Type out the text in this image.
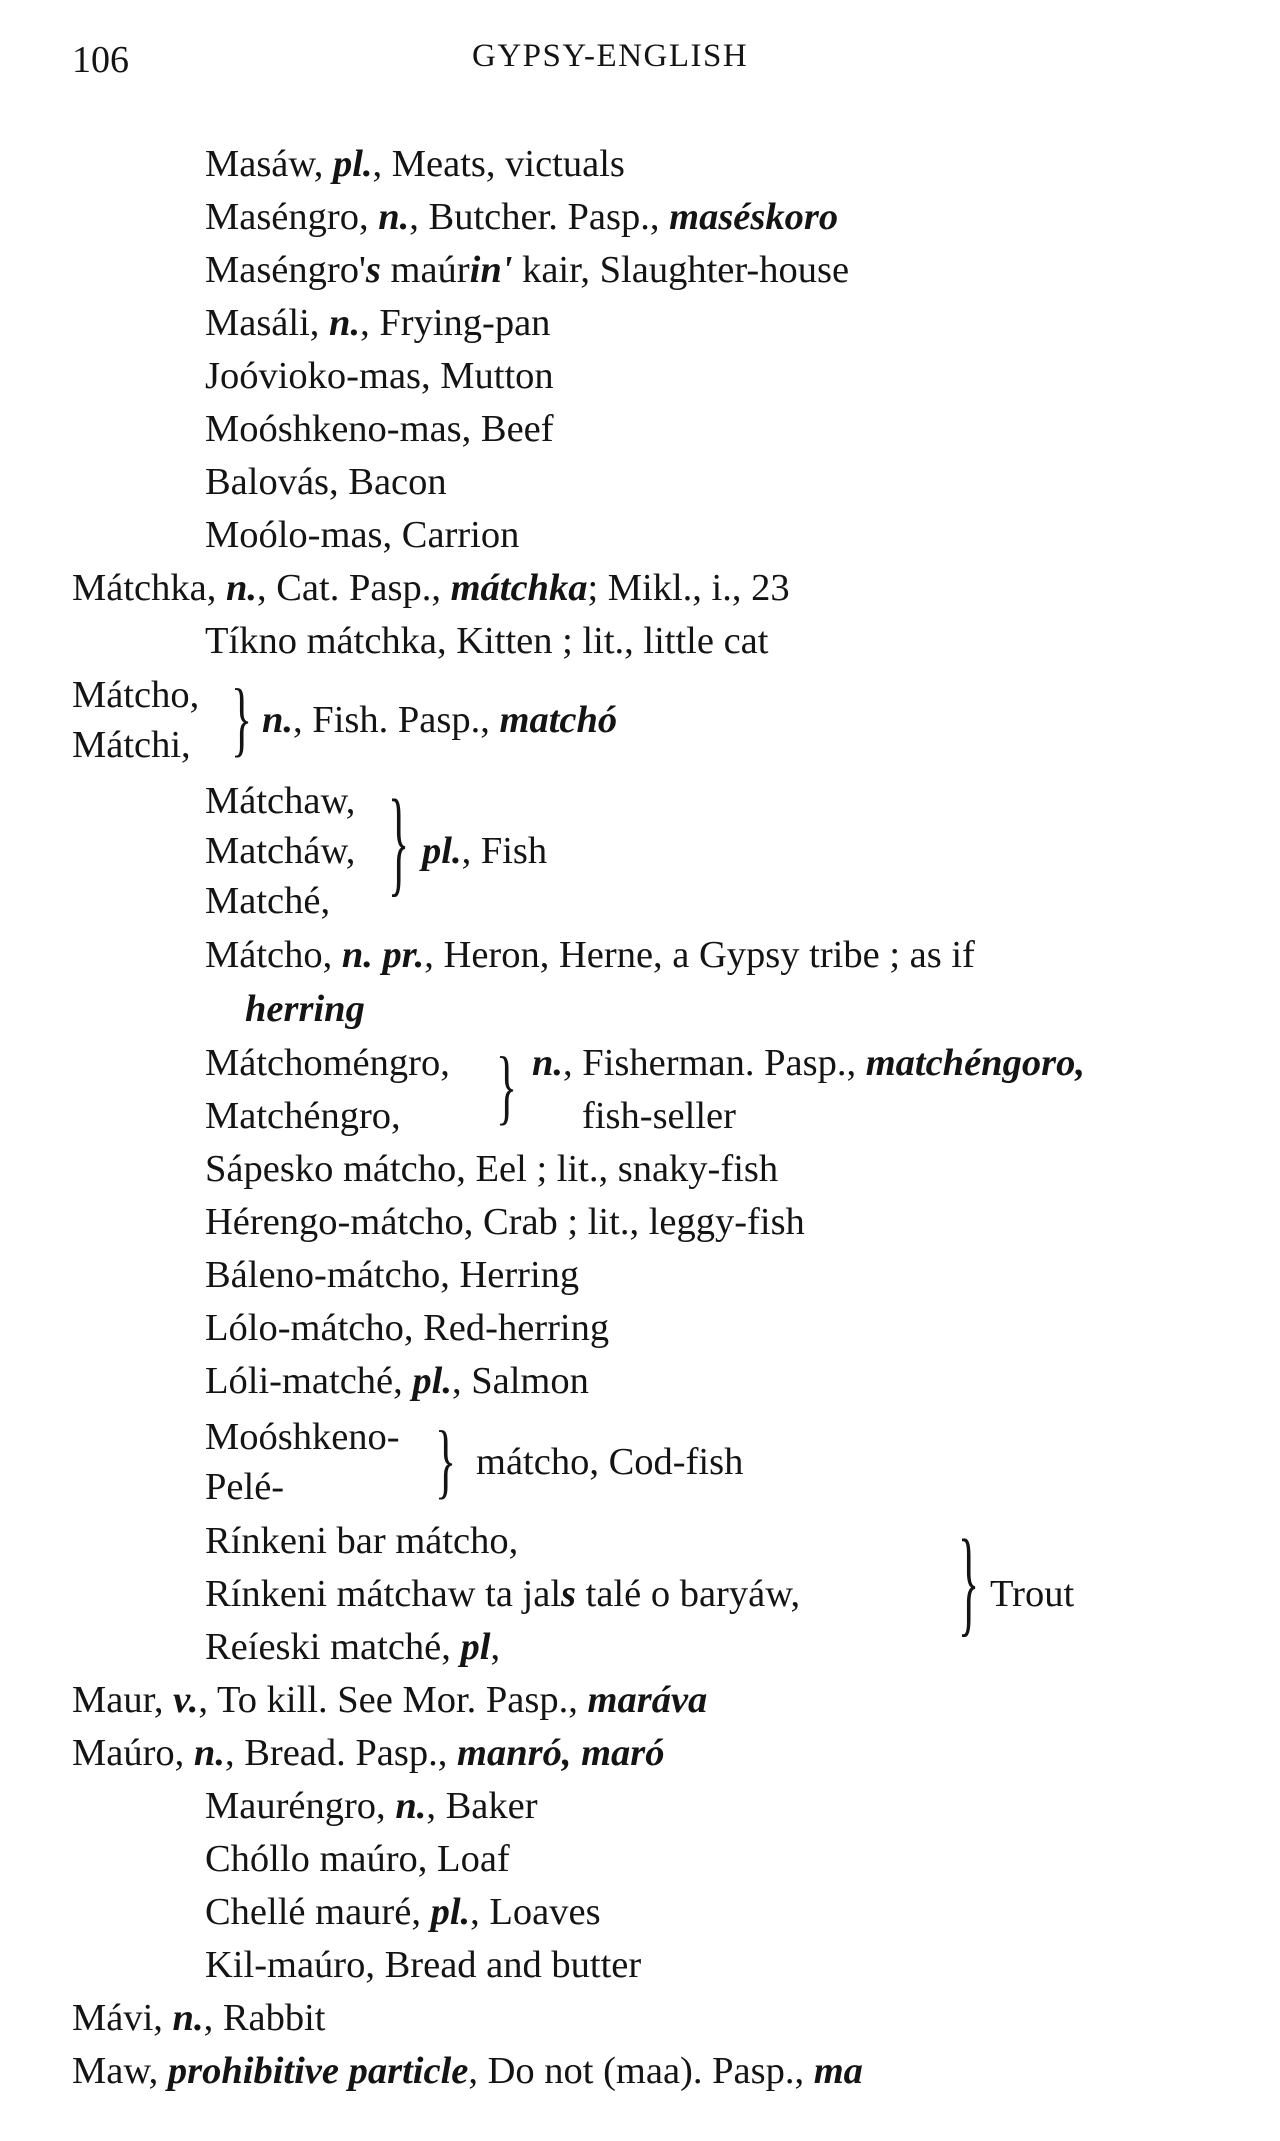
106	GYPSY-ENGLISH
Masáw, pl., Meats, victuals
Maséngro, n., Butcher. Pasp., maséskoro
Maséngro's maúrin' kair, Slaughter-house
Masáli, n., Frying-pan
Joóvioko-mas, Mutton
Moóshkeno-mas, Beef
Balovás, Bacon
Moólo-mas, Carrion
Mátchka, n., Cat. Pasp., mátchka; Mikl., i., 23
Tíkno mátchka, Kitten ; lit., little cat
Mátcho,
Mátchi, } n., Fish. Pasp., matchó
Mátchaw,
Matcháw,
Matché, } pl., Fish
Mátcho, n. pr., Heron, Herne, a Gypsy tribe ; as if
herring
Mátchoméngro,
Matchéngro, } n., Fisherman. Pasp., matchéngoro,
fish-seller
Sápesko mátcho, Eel ; lit., snaky-fish
Hérengo-mátcho, Crab ; lit., leggy-fish
Báleno-mátcho, Herring
Lólo-mátcho, Red-herring
Lóli-matché, pl., Salmon
Moóshkeno-
Pelé-	} mátcho, Cod-fish
Rínkeni bar mátcho,
Rínkeni mátchaw ta jals talé o baryáw,
Reíeski matché, pl,	} Trout
Maur, v., To kill. See Mor. Pasp., maráva
Maúro, n., Bread. Pasp., manró, maró
Mauréngro, n., Baker
Chóllo maúro, Loaf
Chellé mauré, pl., Loaves
Kil-maúro, Bread and butter
Mávi, n., Rabbit
Maw, prohibitive particle, Do not (maa). Pasp., ma
